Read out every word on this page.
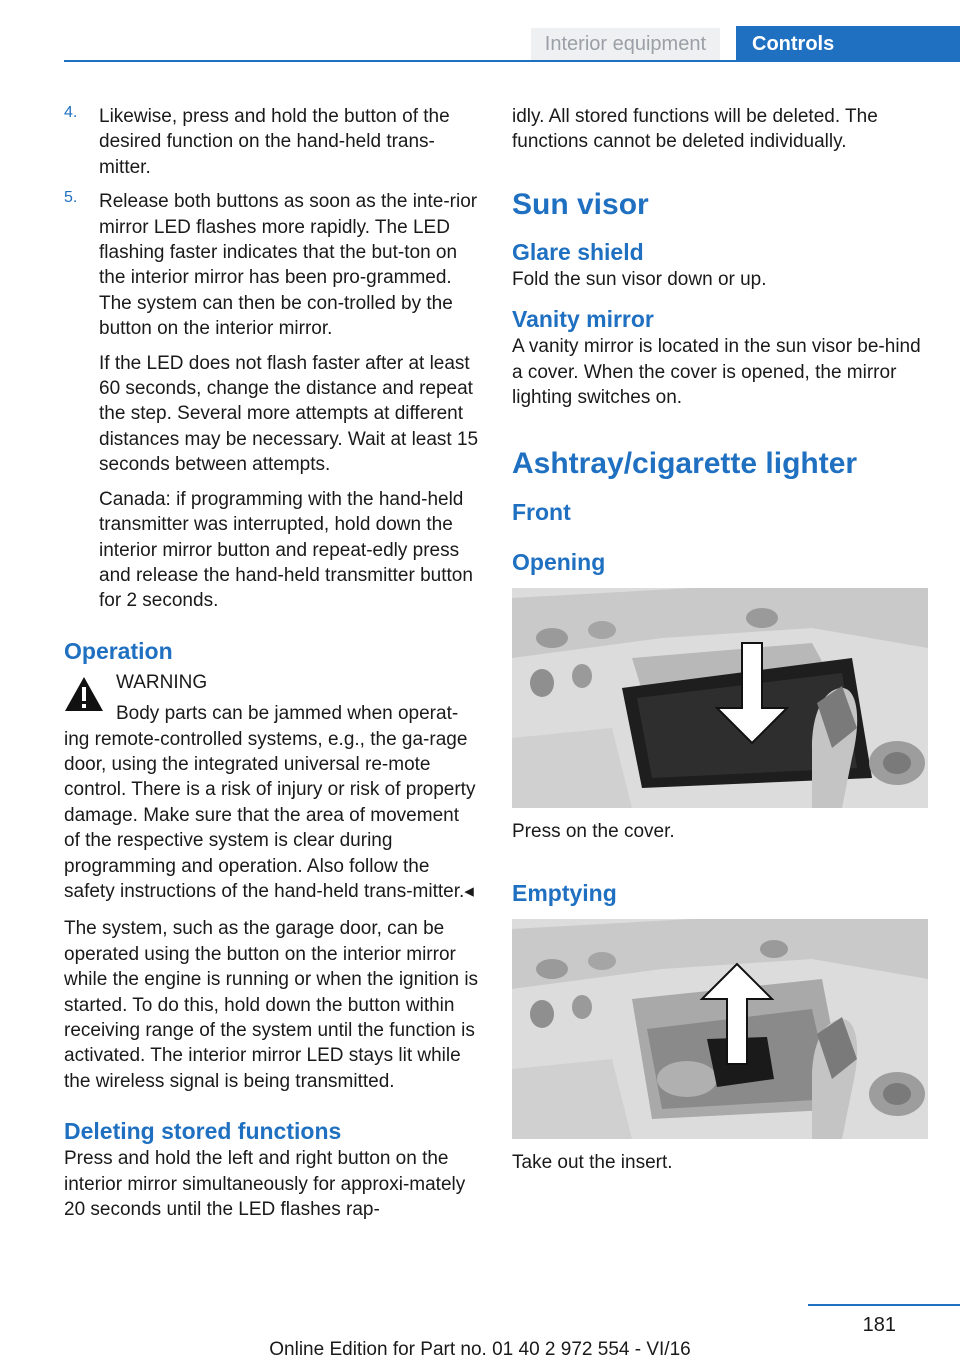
Interior equipment	Controls
4. Likewise, press and hold the button of the desired function on the hand-held trans-mitter.

5. Release both buttons as soon as the inte-rior mirror LED flashes more rapidly. The LED flashing faster indicates that the but-ton on the interior mirror has been pro-grammed. The system can then be con-trolled by the button on the interior mirror.

If the LED does not flash faster after at least 60 seconds, change the distance and repeat the step. Several more attempts at different distances may be necessary. Wait at least 15 seconds between attempts.

Canada: if programming with the hand-held transmitter was interrupted, hold down the interior mirror button and repeat-edly press and release the hand-held transmitter button for 2 seconds.

Operation

WARNING

Body parts can be jammed when operat-

ing remote-controlled systems, e.g., the ga-rage door, using the integrated universal re-mote control. There is a risk of injury or risk of property damage. Make sure that the area of movement of the respective system is clear during programming and operation. Also follow the safety instructions of the hand-held trans-mitter.◂

The system, such as the garage door, can be operated using the button on the interior mirror while the engine is running or when the ignition is started. To do this, hold down the button within receiving range of the system until the function is activated. The interior mirror LED stays lit while the wireless signal is being transmitted.

Deleting stored functions

Press and hold the left and right button on the interior mirror simultaneously for approxi-mately 20 seconds until the LED flashes rap-

idly. All stored functions will be deleted. The functions cannot be deleted individually.

Sun visor
Glare shield

Fold the sun visor down or up.

Vanity mirror

A vanity mirror is located in the sun visor be-hind a cover. When the cover is opened, the mirror lighting switches on.

Ashtray/cigarette lighter
Front
Opening

Press on the cover.

Emptying

Take out the insert.

181
Online Edition for Part no. 01 40 2 972 554 - VI/16
